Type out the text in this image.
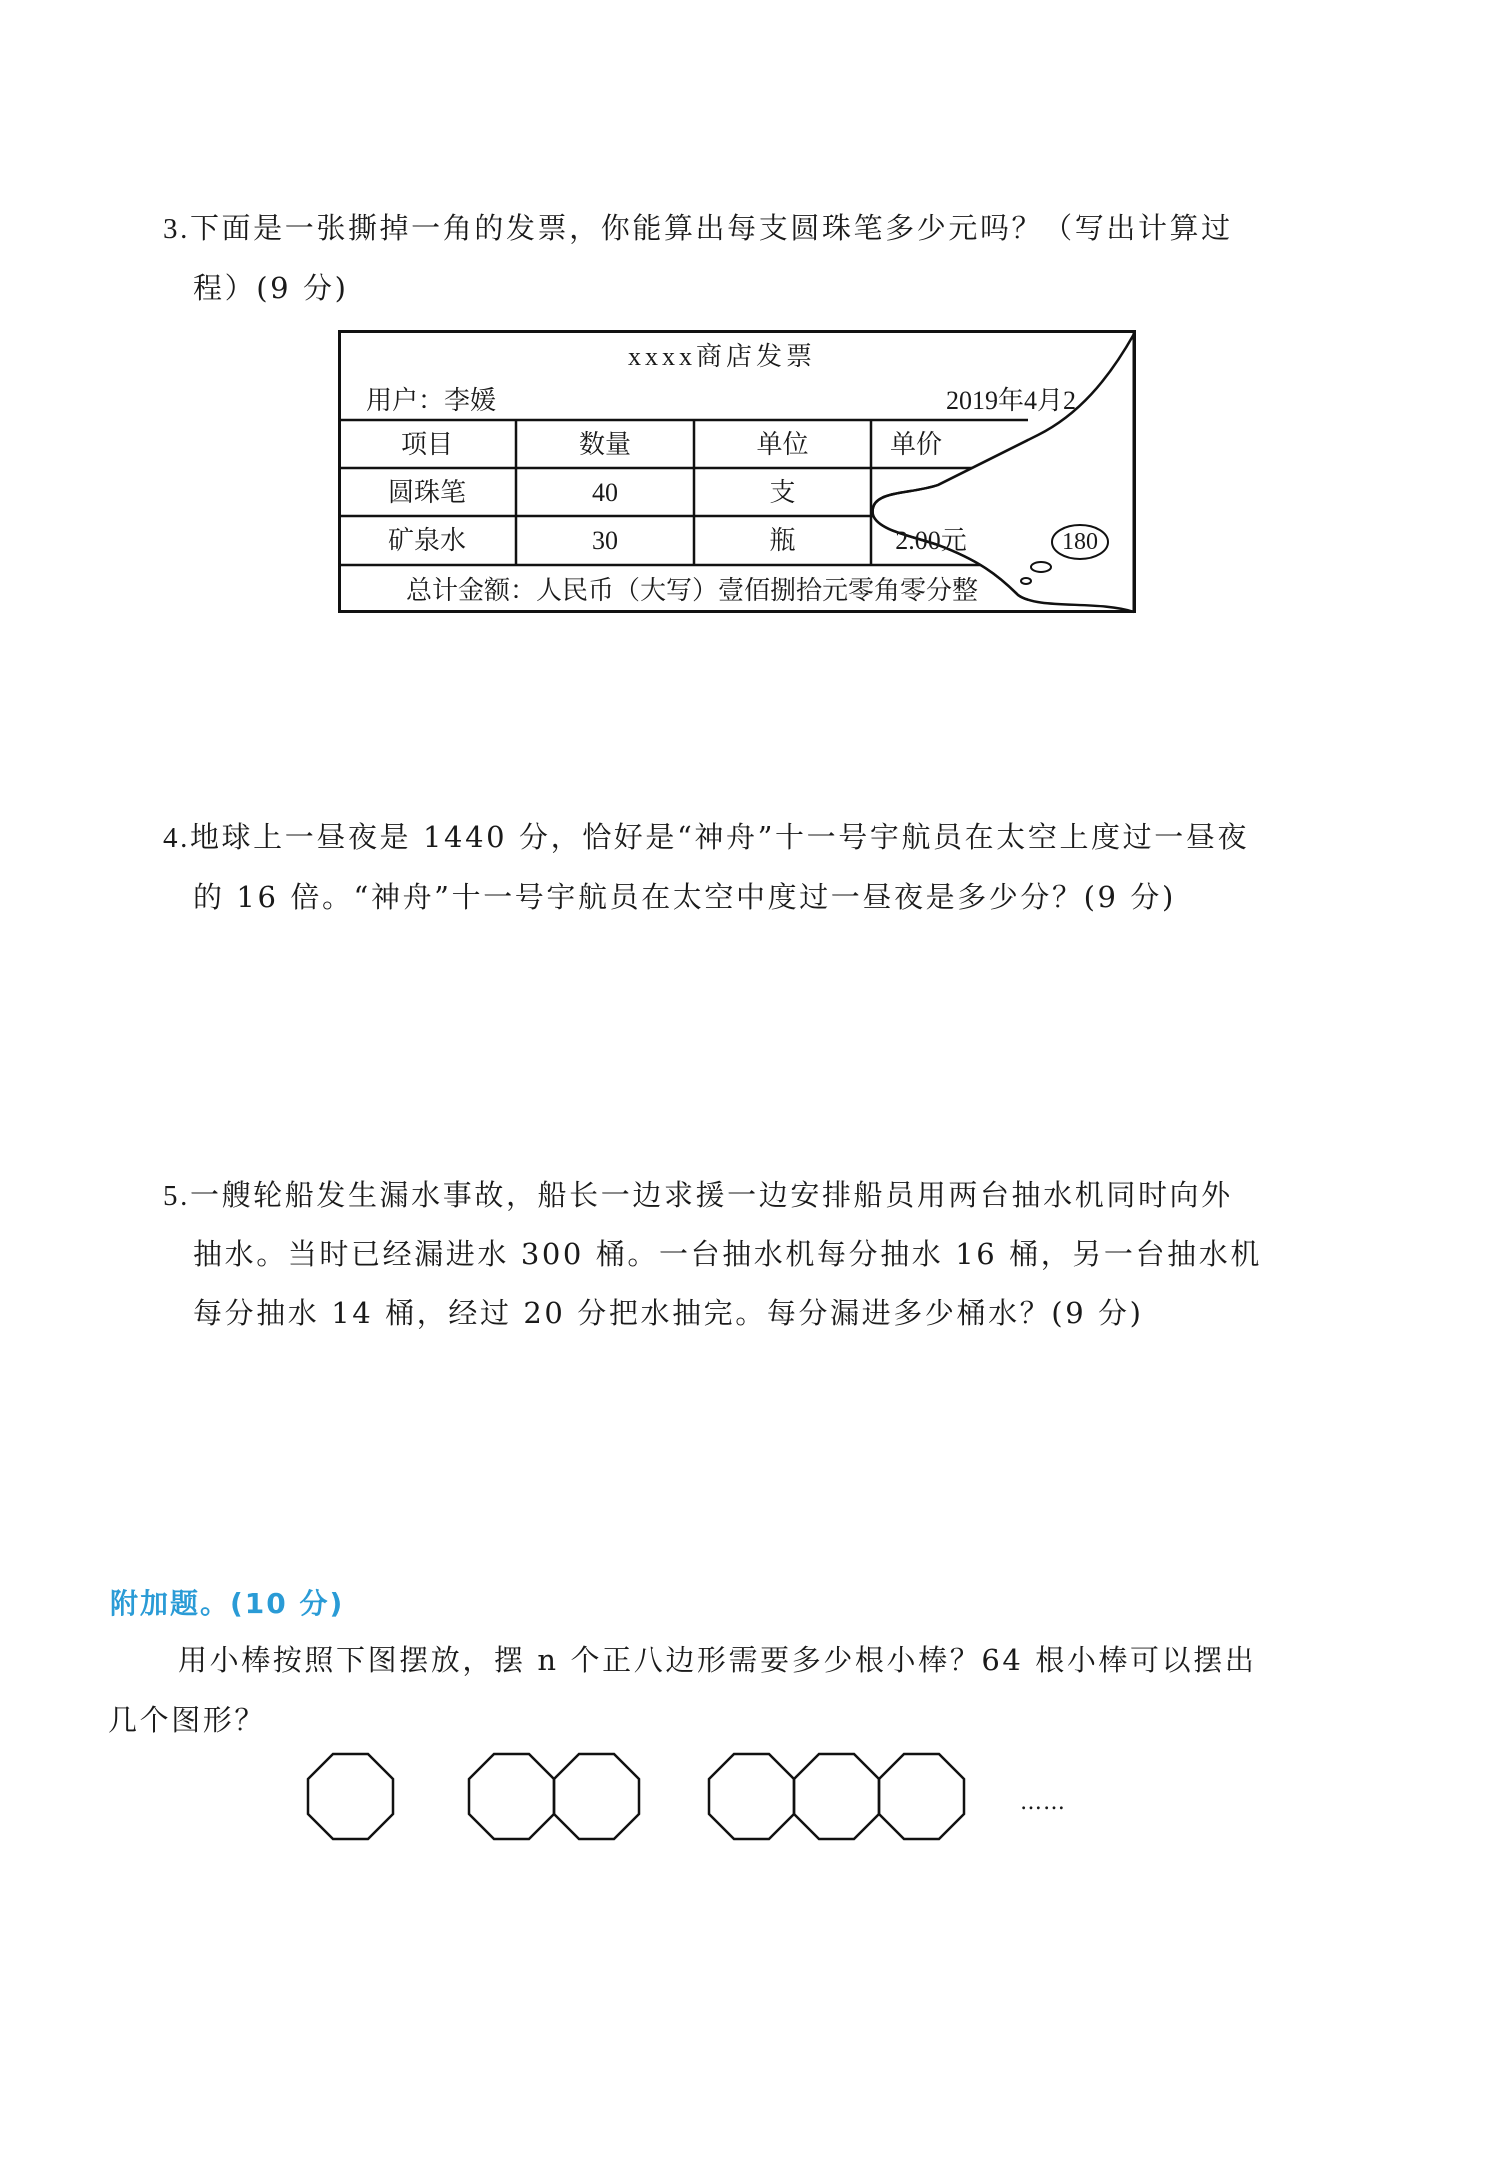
3.下面是一张撕掉一角的发票，你能算出每支圆珠笔多少元吗？（写出计算过
程）(9 分)
xxxx商店发票
用户：李媛	2019年4月2
项目	数量	单位	单价
圆珠笔	40	支
矿泉水	30	瓶	2.00元	180
总计金额：人民币（大写）壹佰捌拾元零角零分整
4.地球上一昼夜是 1440 分，恰好是“神舟”十一号宇航员在太空上度过一昼夜
的 16 倍。“神舟”十一号宇航员在太空中度过一昼夜是多少分？(9 分)
5.一艘轮船发生漏水事故，船长一边求援一边安排船员用两台抽水机同时向外
抽水。当时已经漏进水 300 桶。一台抽水机每分抽水 16 桶，另一台抽水机
每分抽水 14 桶，经过 20 分把水抽完。每分漏进多少桶水？(9 分)
附加题。(10 分)
用小棒按照下图摆放，摆 n 个正八边形需要多少根小棒？64 根小棒可以摆出
几个图形？
……
